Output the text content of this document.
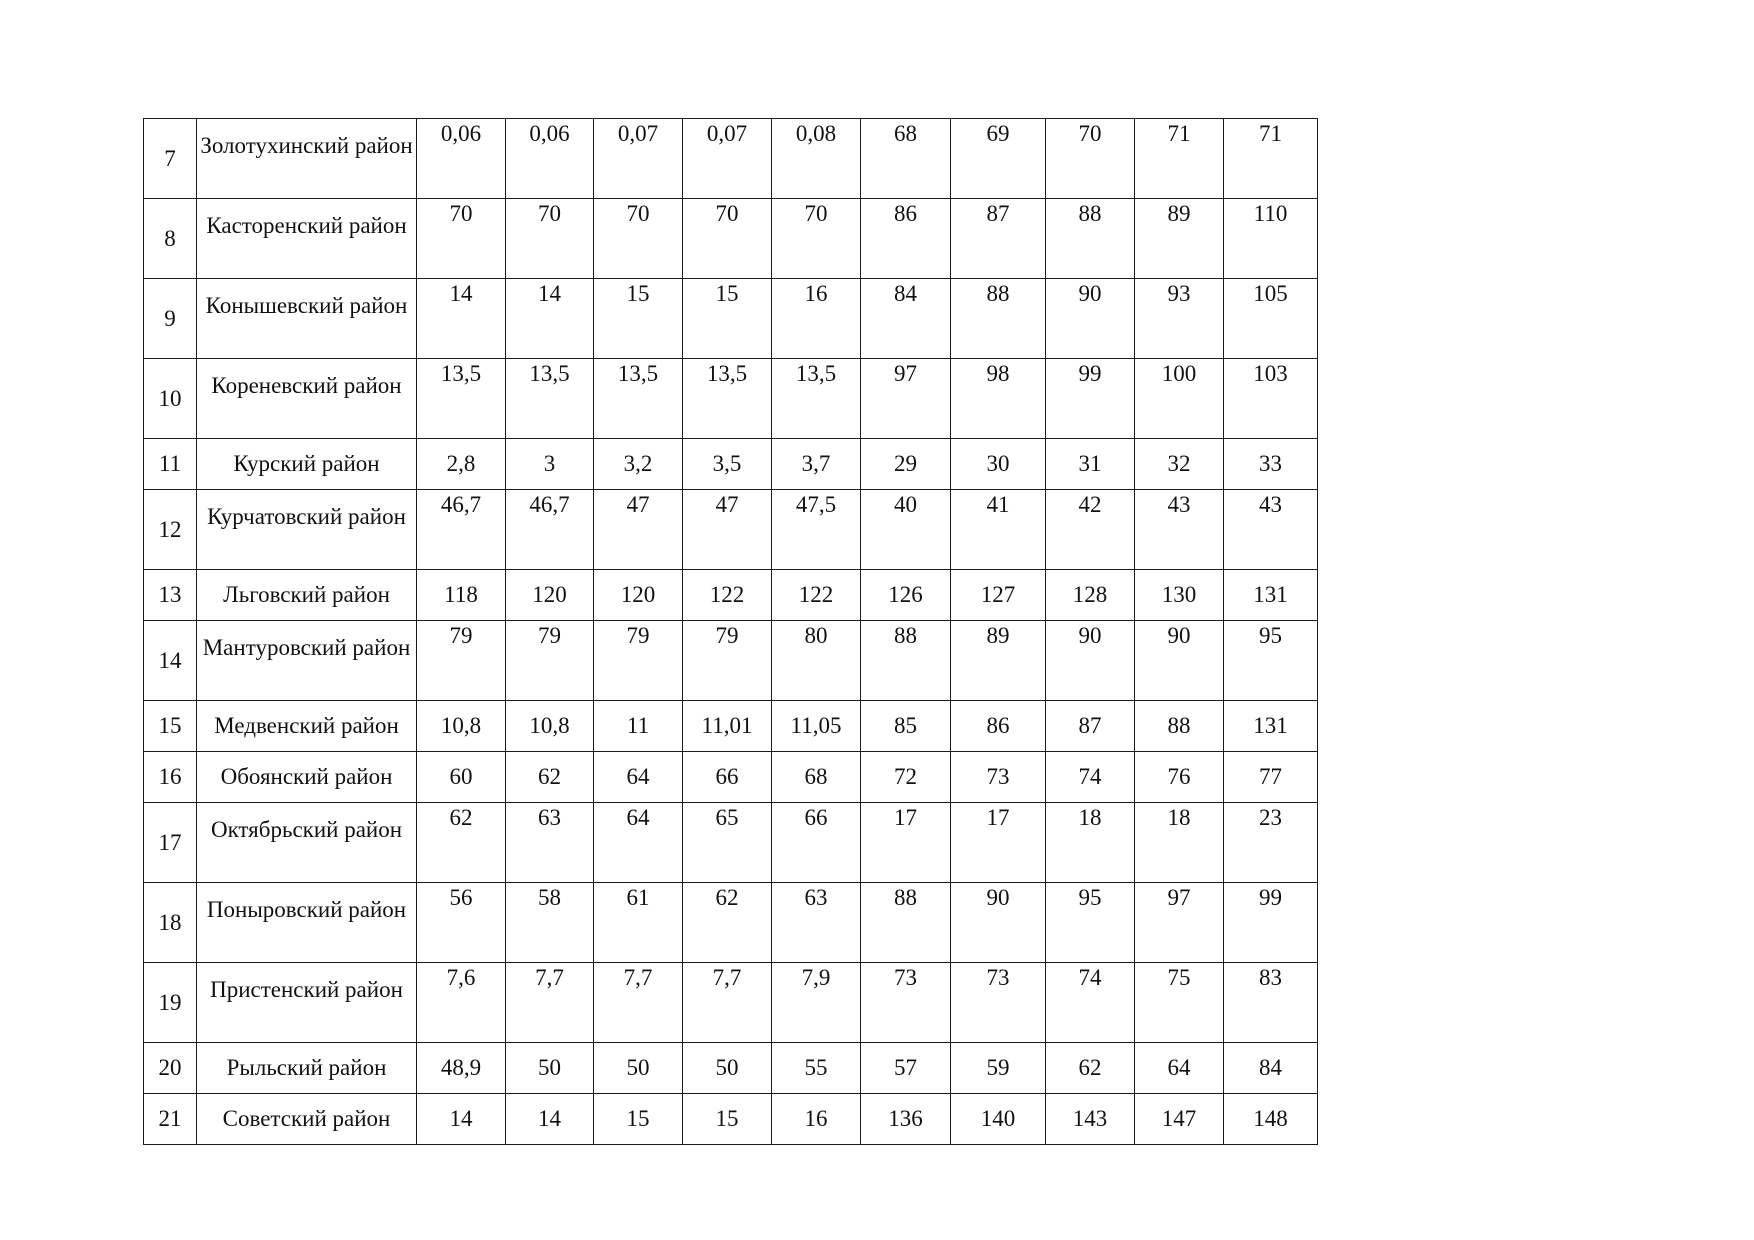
7	Золотухинский район	0,06	0,06	0,07	0,07	0,08	68	69	70	71	71
8	Касторенский район	70	70	70	70	70	86	87	88	89	110
9	Конышевский район	14	14	15	15	16	84	88	90	93	105
10	Кореневский район	13,5	13,5	13,5	13,5	13,5	97	98	99	100	103
11	Курский район	2,8	3	3,2	3,5	3,7	29	30	31	32	33
12	Курчатовский район	46,7	46,7	47	47	47,5	40	41	42	43	43
13	Льговский район	118	120	120	122	122	126	127	128	130	131
14	Мантуровский район	79	79	79	79	80	88	89	90	90	95
15	Медвенский район	10,8	10,8	11	11,01	11,05	85	86	87	88	131
16	Обоянский район	60	62	64	66	68	72	73	74	76	77
17	Октябрьский район	62	63	64	65	66	17	17	18	18	23
18	Поныровский район	56	58	61	62	63	88	90	95	97	99
19	Пристенский район	7,6	7,7	7,7	7,7	7,9	73	73	74	75	83
20	Рыльский район	48,9	50	50	50	55	57	59	62	64	84
21	Советский район	14	14	15	15	16	136	140	143	147	148
